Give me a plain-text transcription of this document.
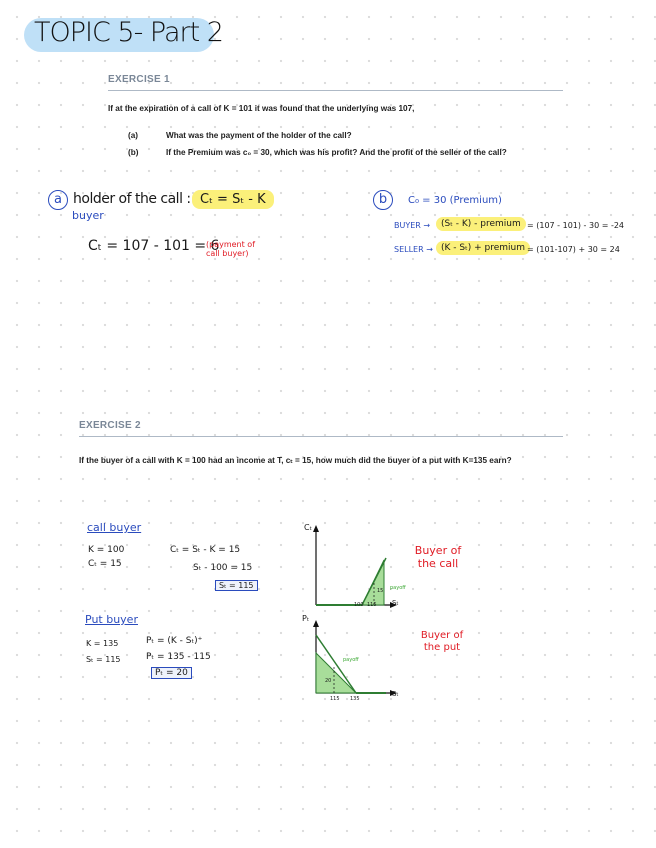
TOPIC 5- Part 2
EXERCISE 1
If at the expiration of a call of K = 101 it was found that the underlying was 107,
(a)	What was the payment of the holder of the call?
(b)	If the Premium was c₀ = 30, which was his profit? And the profit of the seller of the call?
a holder of the call : Cₜ = Sₜ - K
buyer
Cₜ = 107 - 101 = 6
(payment of call buyer)
b	C₀ = 30 (Premium)
BUYER →	(Sₜ - K) - premium = (107 - 101) - 30 = -24
SELLER → (K - Sₜ) + premium = (101-107) + 30 = 24
EXERCISE 2
If the buyer of a call with K = 100 had an income at T, cₜ = 15, how much did the buyer of a put with K=135 earn?
call buyer
K = 100
Cₜ = 15
Cₜ = Sₜ - K = 15
Sₜ - 100 = 15
Sₜ = 115
Cₜ
Sₜ
100 115
15 payoff
Buyer of the call
Put buyer
K = 135
Sₜ = 115
Pₜ = (K - Sₜ)⁺
Pₜ = 135 - 115
Pₜ = 20
Pₜ
Sₜ
115 135
20
payoff
Buyer of the put
